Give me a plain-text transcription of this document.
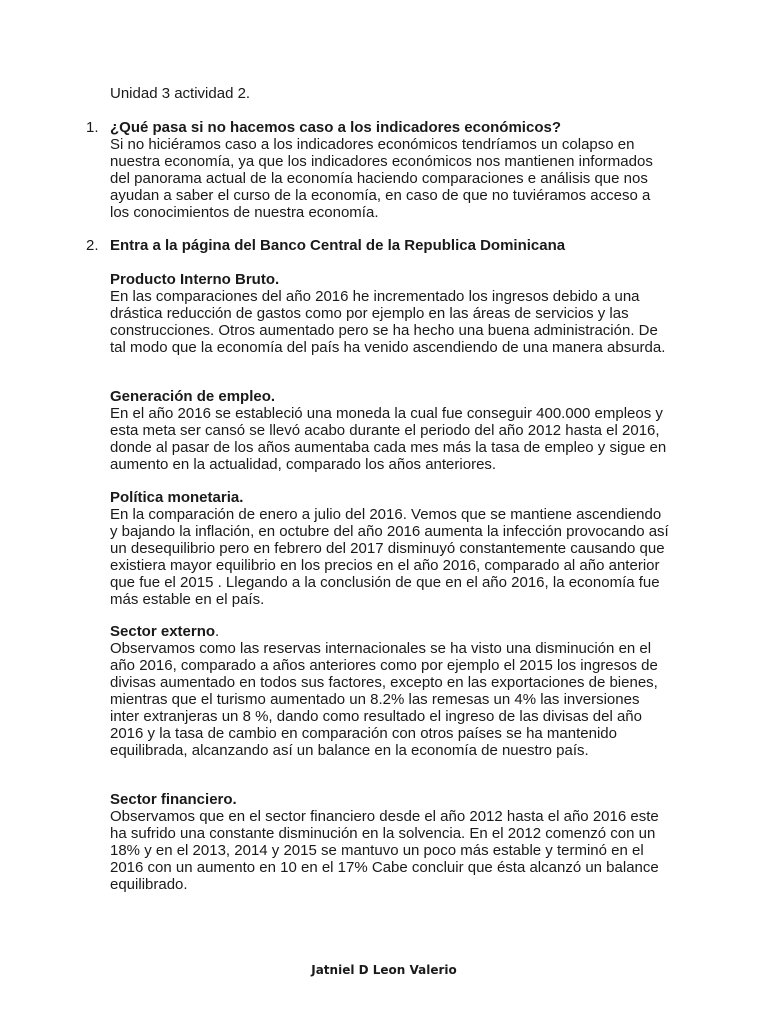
Unidad 3 actividad 2.
1. ¿Qué pasa si no hacemos caso a los indicadores económicos?
Si no hiciéramos caso a los indicadores económicos tendríamos un colapso en nuestra economía, ya que los indicadores económicos nos mantienen informados del panorama actual de la economía haciendo comparaciones e análisis que nos ayudan a saber el curso de la economía, en caso de que no tuviéramos acceso a los conocimientos de nuestra economía.
2. Entra a la página del Banco Central de la Republica Dominicana
Producto Interno Bruto.
En las comparaciones del año 2016 he incrementado los ingresos debido a una drástica reducción de gastos como por ejemplo en las áreas de servicios y las construcciones. Otros aumentado pero se ha hecho una buena administración. De tal modo que la economía del país ha venido ascendiendo de una manera absurda.
Generación de empleo.
En el año 2016 se estableció una moneda la cual fue conseguir 400.000 empleos y esta meta ser cansó se llevó acabo durante el periodo del año 2012 hasta el 2016, donde al pasar de los años aumentaba cada mes más la tasa de empleo y sigue en aumento en la actualidad, comparado los años anteriores.
Política monetaria.
En la comparación de enero a julio del 2016. Vemos que se mantiene ascendiendo y bajando la inflación, en octubre del año 2016 aumenta la infección provocando así un desequilibrio pero en febrero del 2017 disminuyó constantemente causando que existiera mayor equilibrio en los precios en el año 2016, comparado al año anterior que fue el 2015 . Llegando a la conclusión de que en el año 2016, la economía fue más estable en el país.
Sector externo.
Observamos como las reservas internacionales se ha visto una disminución en el año 2016, comparado a años anteriores como por ejemplo el 2015 los ingresos de divisas aumentado en todos sus factores, excepto en las exportaciones de bienes, mientras que el turismo aumentado un 8.2% las remesas un 4% las inversiones inter extranjeras un 8 %, dando como resultado el ingreso de las divisas del año 2016 y la tasa de cambio en comparación con otros países se ha mantenido equilibrada, alcanzando así un balance en la economía de nuestro país.
Sector financiero.
Observamos que en el sector financiero desde el año 2012 hasta el año 2016 este ha sufrido una constante disminución en la solvencia. En el 2012 comenzó con un 18% y en el 2013, 2014 y 2015 se mantuvo un poco más estable y terminó en el 2016 con un aumento en 10 en el 17% Cabe concluir que ésta alcanzó un balance equilibrado.
Jatniel D Leon Valerio
